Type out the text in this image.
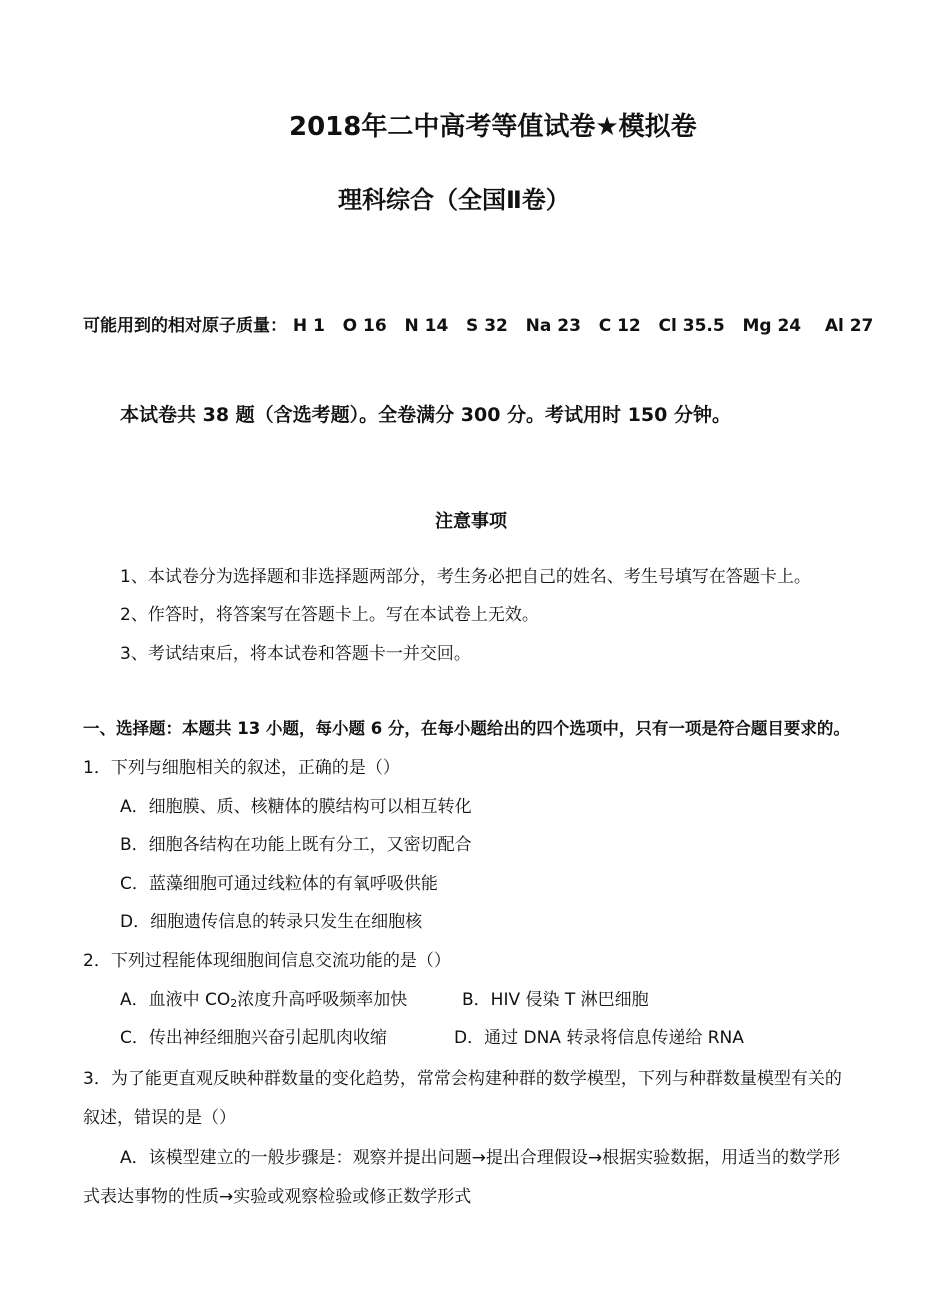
2018年二中高考等值试卷★模拟卷
理科综合（全国Ⅱ卷）
可能用到的相对原子质量： H 1 O 16 N 14 S 32 Na 23 C 12 Cl 35.5 Mg 24 Al 27
本试卷共 38 题（含选考题）。全卷满分 300 分。考试用时 150 分钟。
注意事项
1、本试卷分为选择题和非选择题两部分，考生务必把自己的姓名、考生号填写在答题卡上。
2、作答时，将答案写在答题卡上。写在本试卷上无效。
3、考试结束后，将本试卷和答题卡一并交回。
一、选择题：本题共 13 小题，每小题 6 分，在每小题给出的四个选项中，只有一项是符合题目要求的。
1．下列与细胞相关的叙述，正确的是（）
A．细胞膜、质、核糖体的膜结构可以相互转化
B．细胞各结构在功能上既有分工，又密切配合
C．蓝藻细胞可通过线粒体的有氧呼吸供能
D．细胞遗传信息的转录只发生在细胞核
2．下列过程能体现细胞间信息交流功能的是（）
A．血液中 CO2浓度升高呼吸频率加快	B．HIV 侵染 T 淋巴细胞
C．传出神经细胞兴奋引起肌肉收缩	D．通过 DNA 转录将信息传递给 RNA
3．为了能更直观反映种群数量的变化趋势，常常会构建种群的数学模型，下列与种群数量模型有关的
叙述，错误的是（）
A．该模型建立的一般步骤是：观察并提出问题→提出合理假设→根据实验数据，用适当的数学形
式表达事物的性质→实验或观察检验或修正数学形式
